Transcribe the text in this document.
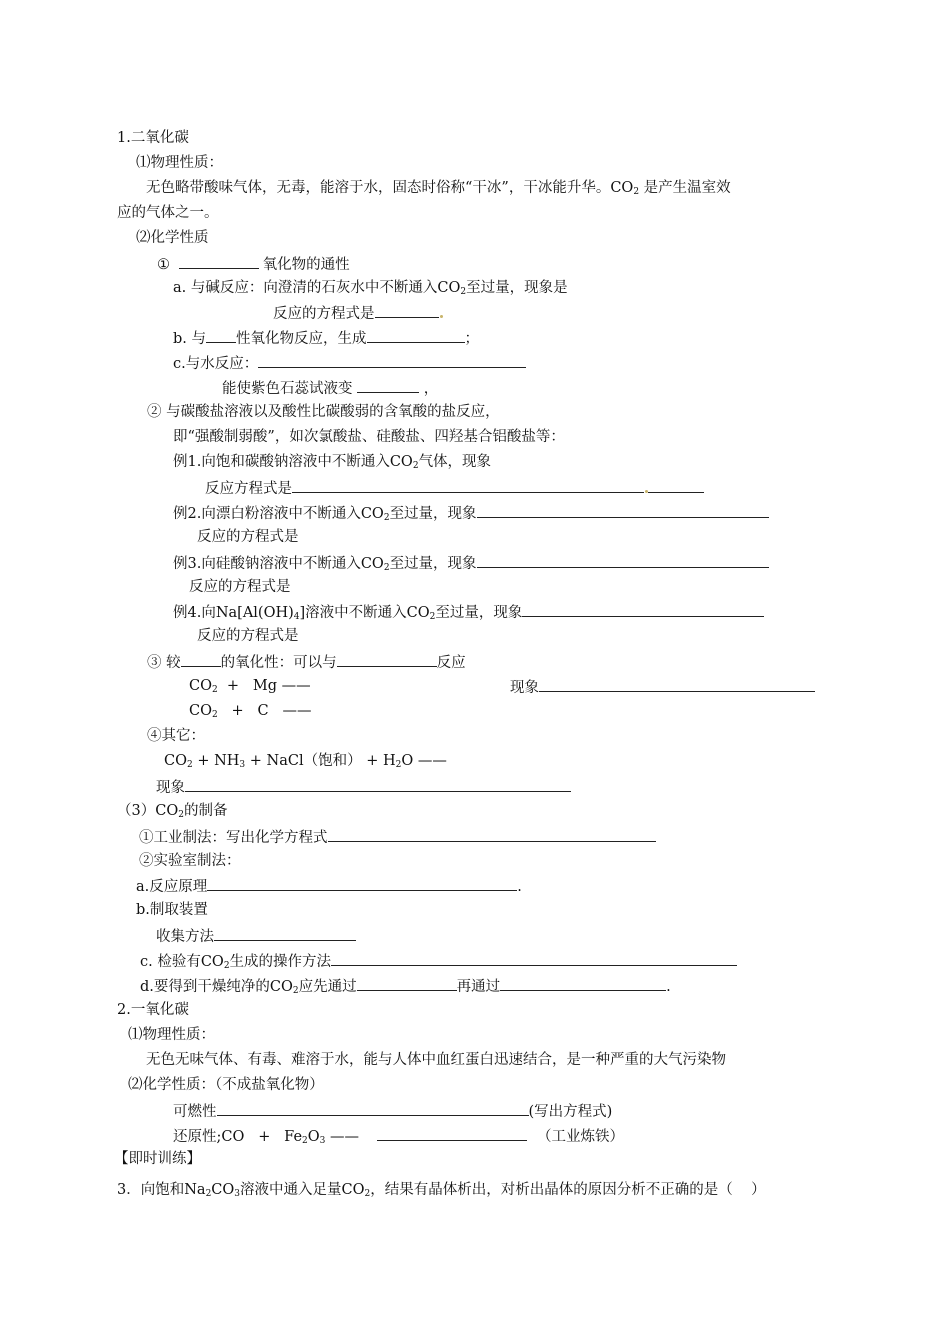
1.二氧化碳
⑴物理性质：
无色略带酸味气体，无毒，能溶于水，固态时俗称“干冰”，干冰能升华。$CO_2$ 是产生温室效
应的气体之一。
⑵化学性质
①	氧化物的通性
a. 与碱反应：向澄清的石灰水中不断通入$CO_2$至过量，现象是
反应的方程式是
b. 与 性氧化物反应，生成	；
c.与水反应：
能使紫色石蕊试液变	，
② 与碳酸盐溶液以及酸性比碳酸弱的含氧酸的盐反应，
即“强酸制弱酸”，如次氯酸盐、硅酸盐、四羟基合铝酸盐等：
例1.向饱和碳酸钠溶液中不断通入$CO_2$气体，现象
反应方程式是
例2.向漂白粉溶液中不断通入$CO_2$至过量，现象
反应的方程式是
例3.向硅酸钠溶液中不断通入$CO_2$至过量，现象
反应的方程式是
例4.向$Na[Al(OH)_4]$溶液中不断通入$CO_2$至过量，现象
反应的方程式是
③ 较	的氧化性：可以与	反应
$CO_2 + Mg$ ——	现象
$CO_2 + C$   ——
④其它：
$CO_2 + NH_3$ + NaCl（饱和） + $H_2O$ ——
现象
$(3)CO_2$的制备
①工业制法：写出化学方程式
②实验室制法：
a.反应原理	.
b.制取装置
收集方法
c. 检验有$CO_2$生成的操作方法
d.要得到干燥纯净的$CO_2$应先通过	再通过	.
2.一氧化碳
⑴物理性质：
无色无味气体、有毒、难溶于水，能与人体中血红蛋白迅速结合，是一种严重的大气污染物
⑵化学性质：（不成盐氧化物）
可燃性	(写出方程式)
还原性;CO   +   $Fe_2O_3$ ——	（工业炼铁）
【即时训练】
3．向饱和$Na_2CO_3$溶液中通入足量$CO_2$，结果有晶体析出，对析出晶体的原因分析不正确的是（    ）
